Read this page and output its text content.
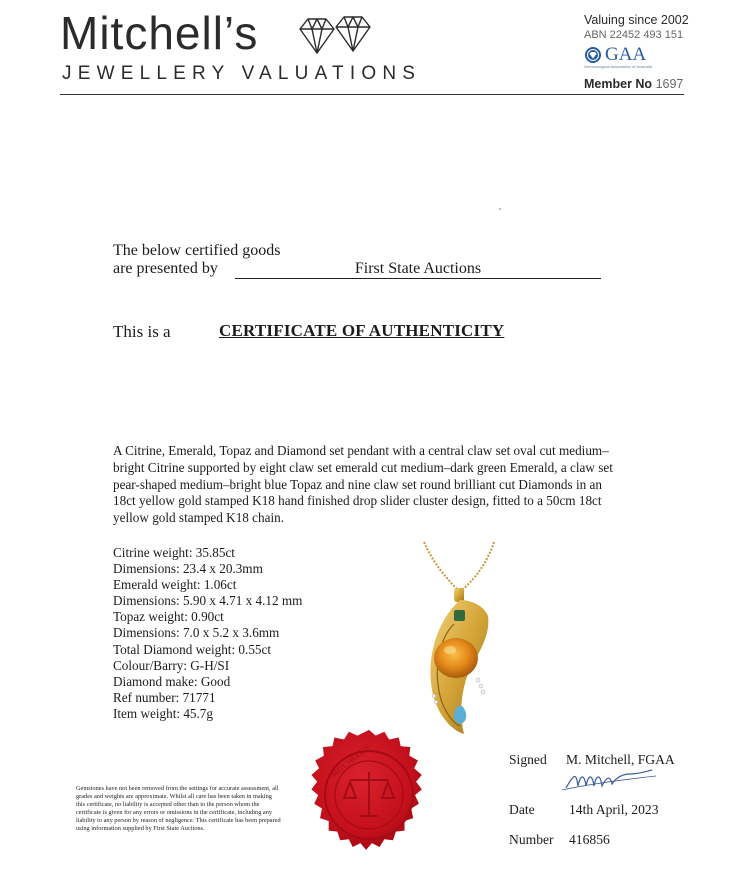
Mitchell’s
JEWELLERY VALUATIONS
Valuing since 2002
ABN 22452 493 151
GAA
Gemmological Association of Australia
Member No 1697
The below certified goods
are presented by	First State Auctions
This is a	CERTIFICATE OF AUTHENTICITY
A Citrine, Emerald, Topaz and Diamond set pendant with a central claw set oval cut medium–bright Citrine supported by eight claw set emerald cut medium–dark green Emerald, a claw set pear-shaped medium–bright blue Topaz and nine claw set round brilliant cut Diamonds in an 18ct yellow gold stamped K18 hand finished drop slider cluster design, fitted to a 50cm 18ct yellow gold stamped K18 chain.
Citrine weight: 35.85ct
Dimensions: 23.4 x 20.3mm
Emerald weight: 1.06ct
Dimensions: 5.90 x 4.71 x 4.12 mm
Topaz weight: 0.90ct
Dimensions: 7.0 x 5.2 x 3.6mm
Total Diamond weight: 0.55ct
Colour/Barry: G-H/SI
Diamond make: Good
Ref number: 71771
Item weight: 45.7g
MITCHELL’S	Signed M. Mitchell, FGAA
Date	14th April, 2023
Number 416856
Gemstones have not been removed from the settings for accurate assessment, all grades and weights are approximate. Whilst all care has been taken in making this certificate, no liability is accepted other than to the person whom the certificate is given for any errors or omissions in the certificate, including any liability to any person by reason of negligence. This certificate has been prepared using information supplied by First State Auctions.
